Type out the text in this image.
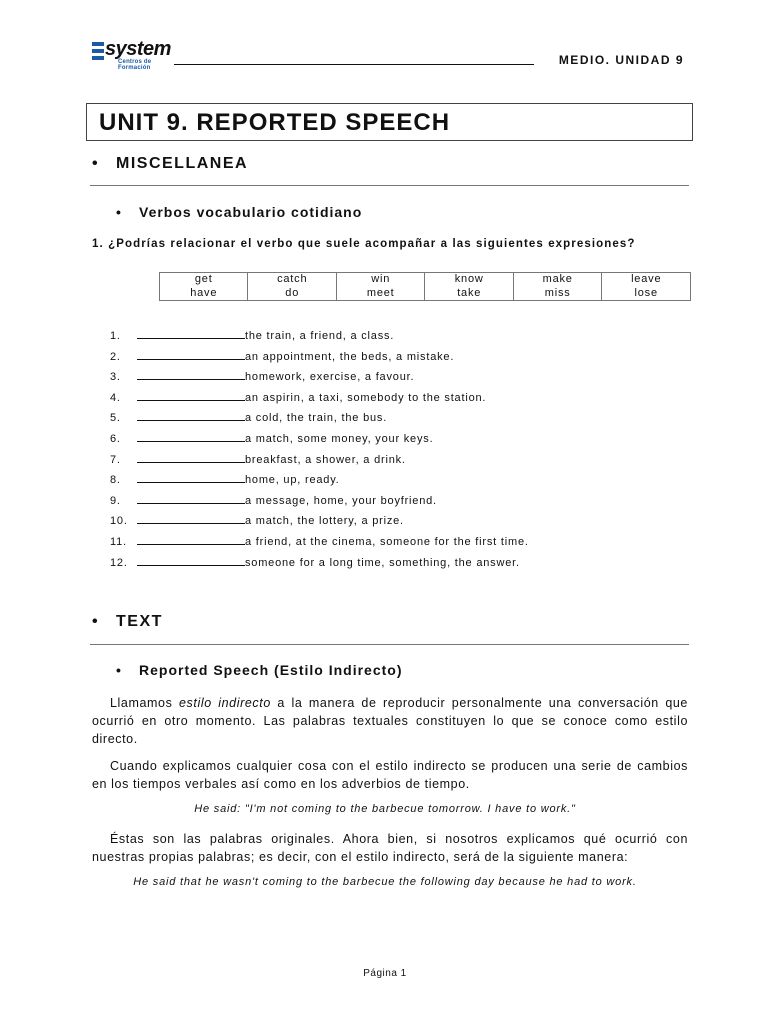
system
Centros de Formación
MEDIO. UNIDAD 9
UNIT 9. REPORTED SPEECH
• MISCELLANEA
• Verbos vocabulario cotidiano
1. ¿Podrías relacionar el verbo que suele acompañar a las siguientes expresiones?
get	catch	win	know	make	leave
have	do	meet	take	miss	lose
1.	the train, a friend, a class.
2.	an appointment, the beds, a mistake.
3.	homework, exercise, a favour.
4.	an aspirin, a taxi, somebody to the station.
5.	a cold, the train, the bus.
6.	a match, some money, your keys.
7.	breakfast, a shower, a drink.
8.	home, up, ready.
9.	a message, home, your boyfriend.
10.	a match, the lottery, a prize.
11.	a friend, at the cinema, someone for the first time.
12.	someone for a long time, something, the answer.
• TEXT
• Reported Speech (Estilo Indirecto)
Llamamos estilo indirecto a la manera de reproducir personalmente una conversación que ocurrió en otro momento. Las palabras textuales constituyen lo que se conoce como estilo directo.
Cuando explicamos cualquier cosa con el estilo indirecto se producen una serie de cambios en los tiempos verbales así como en los adverbios de tiempo.
He said: "I'm not coming to the barbecue tomorrow. I have to work."
Éstas son las palabras originales. Ahora bien, si nosotros explicamos qué ocurrió con nuestras propias palabras; es decir, con el estilo indirecto, será de la siguiente manera:
He said that he wasn't coming to the barbecue the following day because he had to work.
Página 1
